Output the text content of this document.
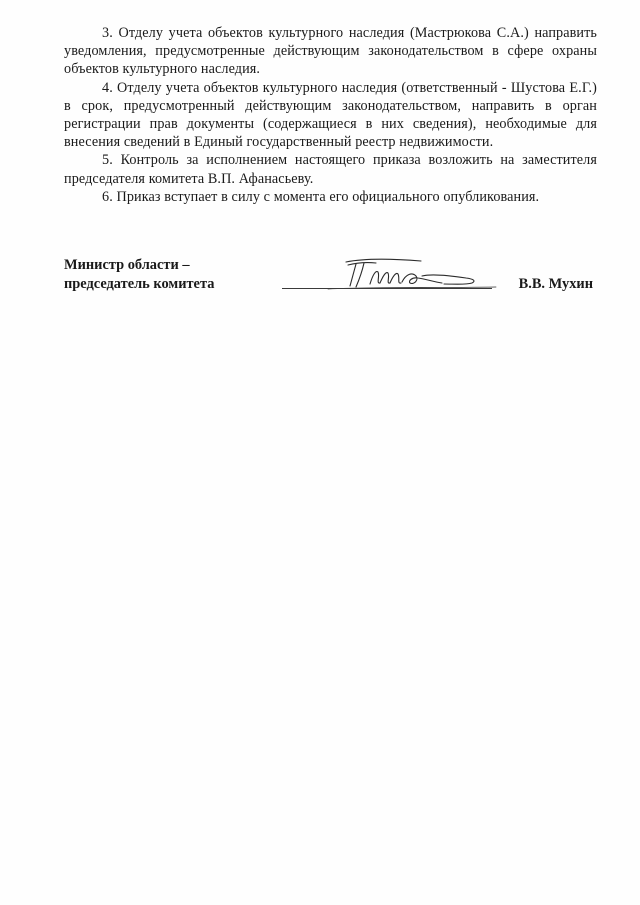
3. Отделу учета объектов культурного наследия (Мастрюкова С.А.) направить уведомления, предусмотренные действующим законодательством в сфере охраны объектов культурного наследия.

4. Отделу учета объектов культурного наследия (ответственный - Шустова Е.Г.) в срок, предусмотренный действующим законодательством, направить в орган регистрации прав документы (содержащиеся в них сведения), необходимые для внесения сведений в Единый государственный реестр недвижимости.

5. Контроль за исполнением настоящего приказа возложить на заместителя председателя комитета В.П. Афанасьеву.

6. Приказ вступает в силу с момента его официального опубликования.

Министр области –
председатель комитета	В.В. Мухин
